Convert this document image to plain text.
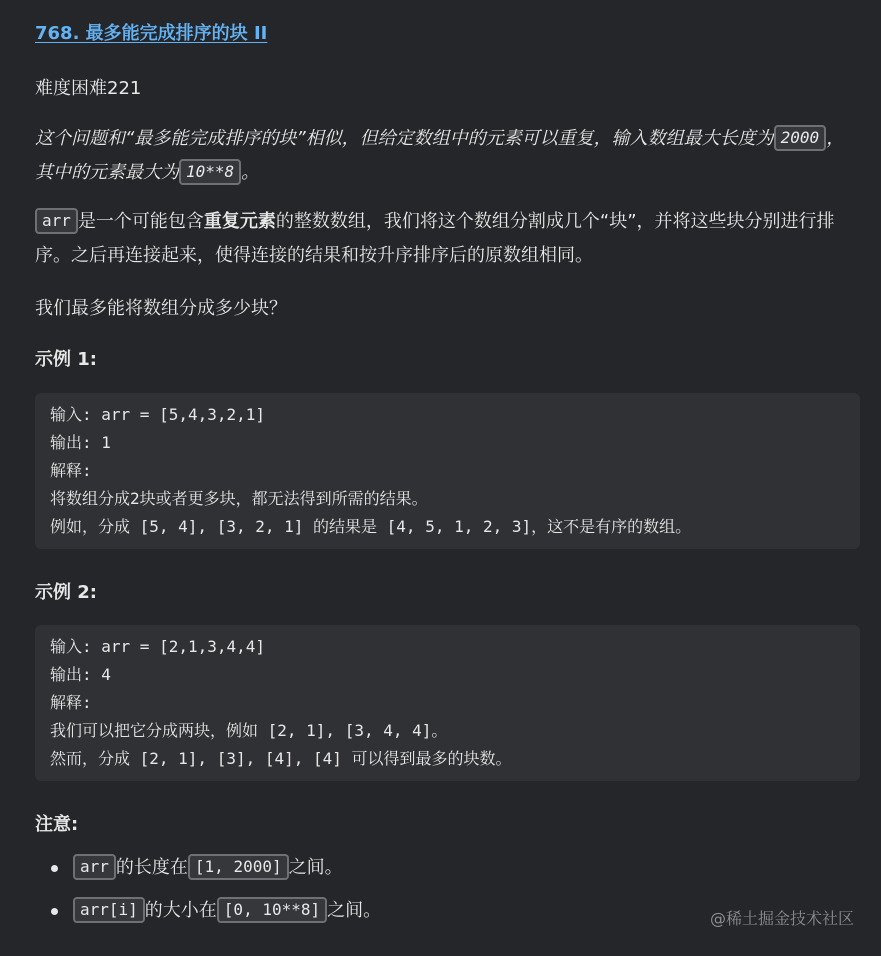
768. 最多能完成排序的块 II
难度困难221
这个问题和“最多能完成排序的块”相似，但给定数组中的元素可以重复，输入数组最大长度为 2000 ，其中的元素最大为 10**8 。
arr 是一个可能包含重复元素的整数数组，我们将这个数组分割成几个“块”，并将这些块分别进行排序。之后再连接起来，使得连接的结果和按升序排序后的原数组相同。
我们最多能将数组分成多少块？
示例 1:
输入: arr = [5,4,3,2,1]
输出: 1
解释:
将数组分成2块或者更多块，都无法得到所需的结果。
例如，分成 [5, 4], [3, 2, 1] 的结果是 [4, 5, 1, 2, 3]，这不是有序的数组。
示例 2:
输入: arr = [2,1,3,4,4]
输出: 4
解释:
我们可以把它分成两块，例如 [2, 1], [3, 4, 4]。
然而，分成 [2, 1], [3], [4], [4] 可以得到最多的块数。
注意:
arr 的长度在 [1, 2000] 之间。
arr[i] 的大小在 [0, 10**8] 之间。	@稀土掘金技术社区
